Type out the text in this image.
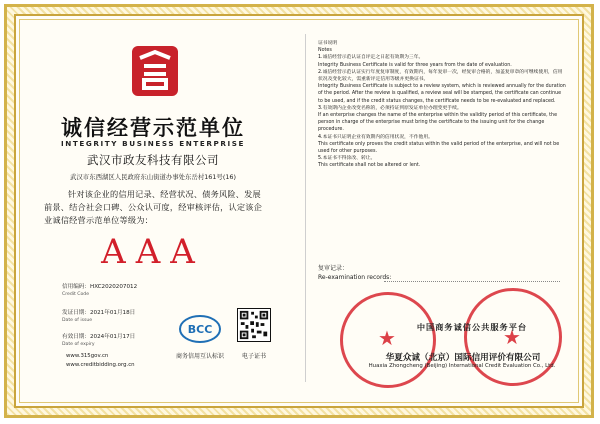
诚信经营示范单位
INTEGRITY BUSINESS ENTERPRISE
武汉市政友科技有限公司
武汉市东西湖区人民政府东山街道办事处东岳村161号(16)
针对该企业的信用记录、经营状况、债务风险、发展前景、结合社会口碑、公众认可度，经审核评估，认定该企业诚信经营示范单位等级为：
AAA
信用编码：
Credit Code
HXC2020207012
发证日期：
Date of issue
2021年01月18日
有效日期：
Date of expiry
2024年01月17日
www.315gov.cn
www.creditbidding.org.cn
BCC
商务信用互认标识	电子证书
证书说明
Notes
1.诚信经营示范认证自评定之日起有效期为三年。
Integrity Business Certificate is valid for three years from the date of evaluation.
2.诚信经营示范认证实行年度复审制度，有效期内，每年复审一次，经复审合格的，加盖复审章的可继续使用，信用状况及变化较大，需重新评定信用等级并更换证书。
Integrity Business Certificate is subject to a review system, which is reviewed annually for the duration of the period. After the review is qualified, a review seal will be stamped, the certificate can continue to be used, and if the credit status changes, the certificate needs to be re-evaluated and replaced.
3.有效期内企业改变名称的，必须持证到原发证单位办理变更手续。
If an enterprise changes the name of the enterprise within the validity period of this certificate, the person in charge of the enterprise must bring the certificate to the issuing unit for the change procedure.
4.本证书只证明企业有效期内的信用状况，不作他用。
This certificate only proves the credit status within the valid period of the enterprise, and will not be used for other purposes.
5.本证书不得涂改、转让。
This certificate shall not be altered or lent.
复审记录：
Re-examination records:
★	★
中国商务诚信公共服务平台
华夏众诚（北京）国际信用评价有限公司
Huaxia Zhongcheng (Beijing) International Credit Evaluation Co., Ltd.
